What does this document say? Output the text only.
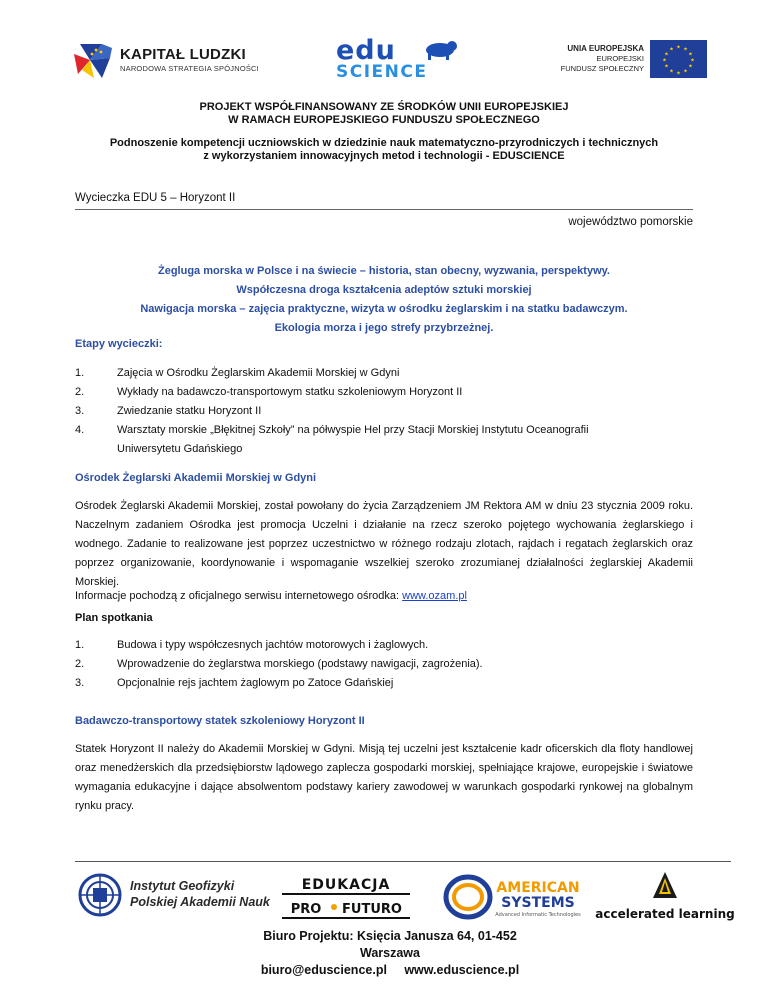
KAPITAŁ LUDZKI
NARODOWA STRATEGIA SPÓJNOŚCI
edu
SCIENCE
UNIA EUROPEJSKA
EUROPEJSKI
FUNDUSZ SPOŁECZNY
★ ★
★
★
★
★
★
★
★
★
★
★
PROJEKT WSPÓŁFINANSOWANY ZE ŚRODKÓW UNII EUROPEJSKIEJ
W RAMACH EUROPEJSKIEGO FUNDUSZU SPOŁECZNEGO
Podnoszenie kompetencji uczniowskich w dziedzinie nauk matematyczno-przyrodniczych i technicznych
z wykorzystaniem innowacyjnych metod i technologii - EDUSCIENCE
Wycieczka EDU 5 – Horyzont II
województwo pomorskie
Żegluga morska w Polsce i na świecie – historia, stan obecny, wyzwania, perspektywy.
Współczesna droga kształcenia adeptów sztuki morskiej
Nawigacja morska – zajęcia praktyczne, wizyta w ośrodku żeglarskim i na statku badawczym.
Ekologia morza i jego strefy przybrzeżnej.
Etapy wycieczki:
1.	Zajęcia w Ośrodku Żeglarskim Akademii Morskiej w Gdyni
2.	Wykłady na badawczo-transportowym statku szkoleniowym Horyzont II
3.	Zwiedzanie statku Horyzont II
4.	Warsztaty morskie „Błękitnej Szkoły” na półwyspie Hel przy Stacji Morskiej Instytutu Oceanografii
Uniwersytetu Gdańskiego
Ośrodek Żeglarski Akademii Morskiej w Gdyni
Ośrodek Żeglarski Akademii Morskiej, został powołany do życia Zarządzeniem JM Rektora AM w dniu 23 stycznia 2009 roku. Naczelnym zadaniem Ośrodka jest promocja Uczelni i działanie na rzecz szeroko pojętego wychowania żeglarskiego i wodnego. Zadanie to realizowane jest poprzez uczestnictwo w różnego rodzaju zlotach, rajdach i regatach żeglarskich oraz poprzez organizowanie, koordynowanie i wspomaganie wszelkiej szeroko zrozumianej działalności żeglarskiej Akademii Morskiej.
Informacje pochodzą z oficjalnego serwisu internetowego ośrodka: www.ozam.pl
Plan spotkania
1.	Budowa i typy współczesnych jachtów motorowych i żaglowych.
2.	Wprowadzenie do żeglarstwa morskiego (podstawy nawigacji, zagrożenia).
3.	Opcjonalnie rejs jachtem żaglowym po Zatoce Gdańskiej
Badawczo-transportowy statek szkoleniowy Horyzont II
Statek Horyzont II należy do Akademii Morskiej w Gdyni. Misją tej uczelni jest kształcenie kadr oficerskich dla floty handlowej oraz menedżerskich dla przedsiębiorstw lądowego zaplecza gospodarki morskiej, spełniające krajowe, europejskie i światowe wymagania edukacyjne i dające absolwentom podstawy kariery zawodowej w warunkach gospodarki rynkowej na globalnym rynku pracy.
Instytut Geofizyki
Polskiej Akademii Nauk
EDUKACJA
PRO FUTURO
AMERICAN
SYSTEMS
Advanced Informatic Technologies accelerated learning
Biuro Projektu: Księcia Janusza 64, 01-452 Warszawa
biuro@eduscience.pl www.eduscience.pl
